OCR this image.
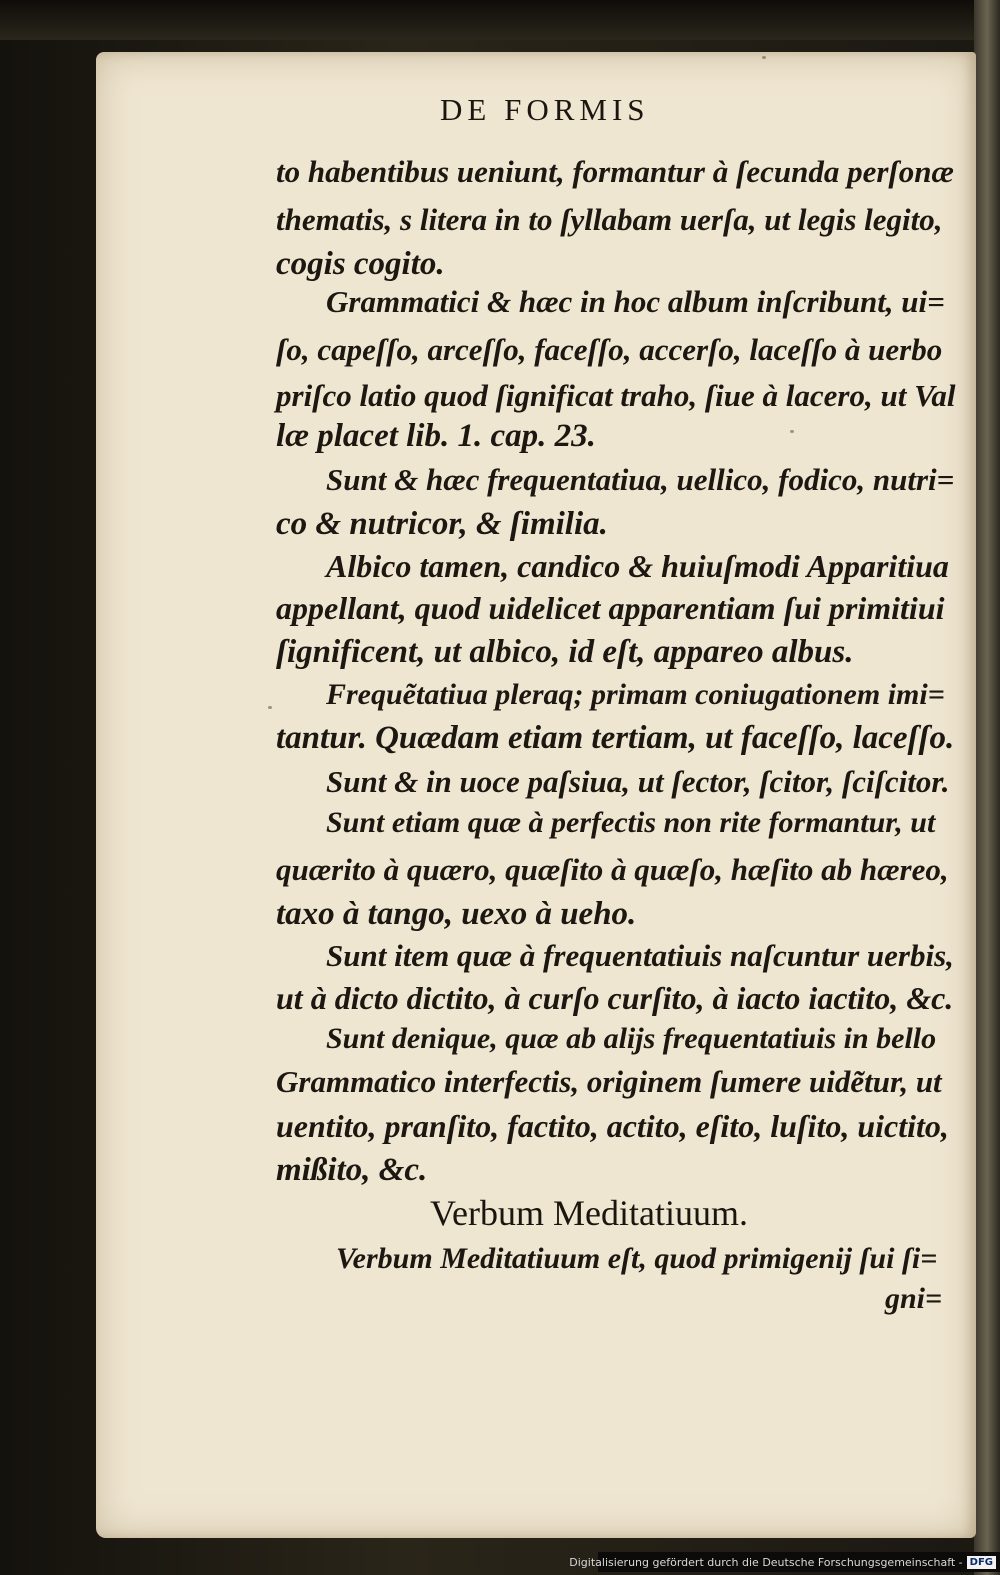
DE FORMIS
to habentibus ueniunt, formantur à ſecunda perſonæ
thematis, s litera in to ſyllabam uerſa, ut legis legito,
cogis cogito.
Grammatici & hæc in hoc album inſcribunt, ui=
ſo, capeſſo, arceſſo, faceſſo, accerſo, laceſſo à uerbo
priſco latio quod ſignificat traho, ſiue à lacero, ut Val
læ placet lib. 1. cap. 23.
Sunt & hæc frequentatiua, uellico, fodico, nutri=
co & nutricor, & ſimilia.
Albico tamen, candico & huiuſmodi Apparitiua
appellant, quod uidelicet apparentiam ſui primitiui
ſignificent, ut albico, id eſt, appareo albus.
Frequẽtatiua pleraq; primam coniugationem imi=
tantur. Quædam etiam tertiam, ut faceſſo, laceſſo.
Sunt & in uoce paſsiua, ut ſector, ſcitor, ſciſcitor.
Sunt etiam quæ à perfectis non rite formantur, ut
quærito à quæro, quæſito à quæſo, hæſito ab hæreo,
taxo à tango, uexo à ueho.
Sunt item quæ à frequentatiuis naſcuntur uerbis,
ut à dicto dictito, à curſo curſito, à iacto iactito, &c.
Sunt denique, quæ ab alijs frequentatiuis in bello
Grammatico interfectis, originem ſumere uidẽtur, ut
uentito, pranſito, factito, actito, eſito, luſito, uictito,
mißito, &c.
Verbum Meditatiuum.
Verbum Meditatiuum eſt, quod primigenij ſui ſi=
gni=
Digitalisierung gefördert durch die Deutsche Forschungsgemeinschaft - DFG
